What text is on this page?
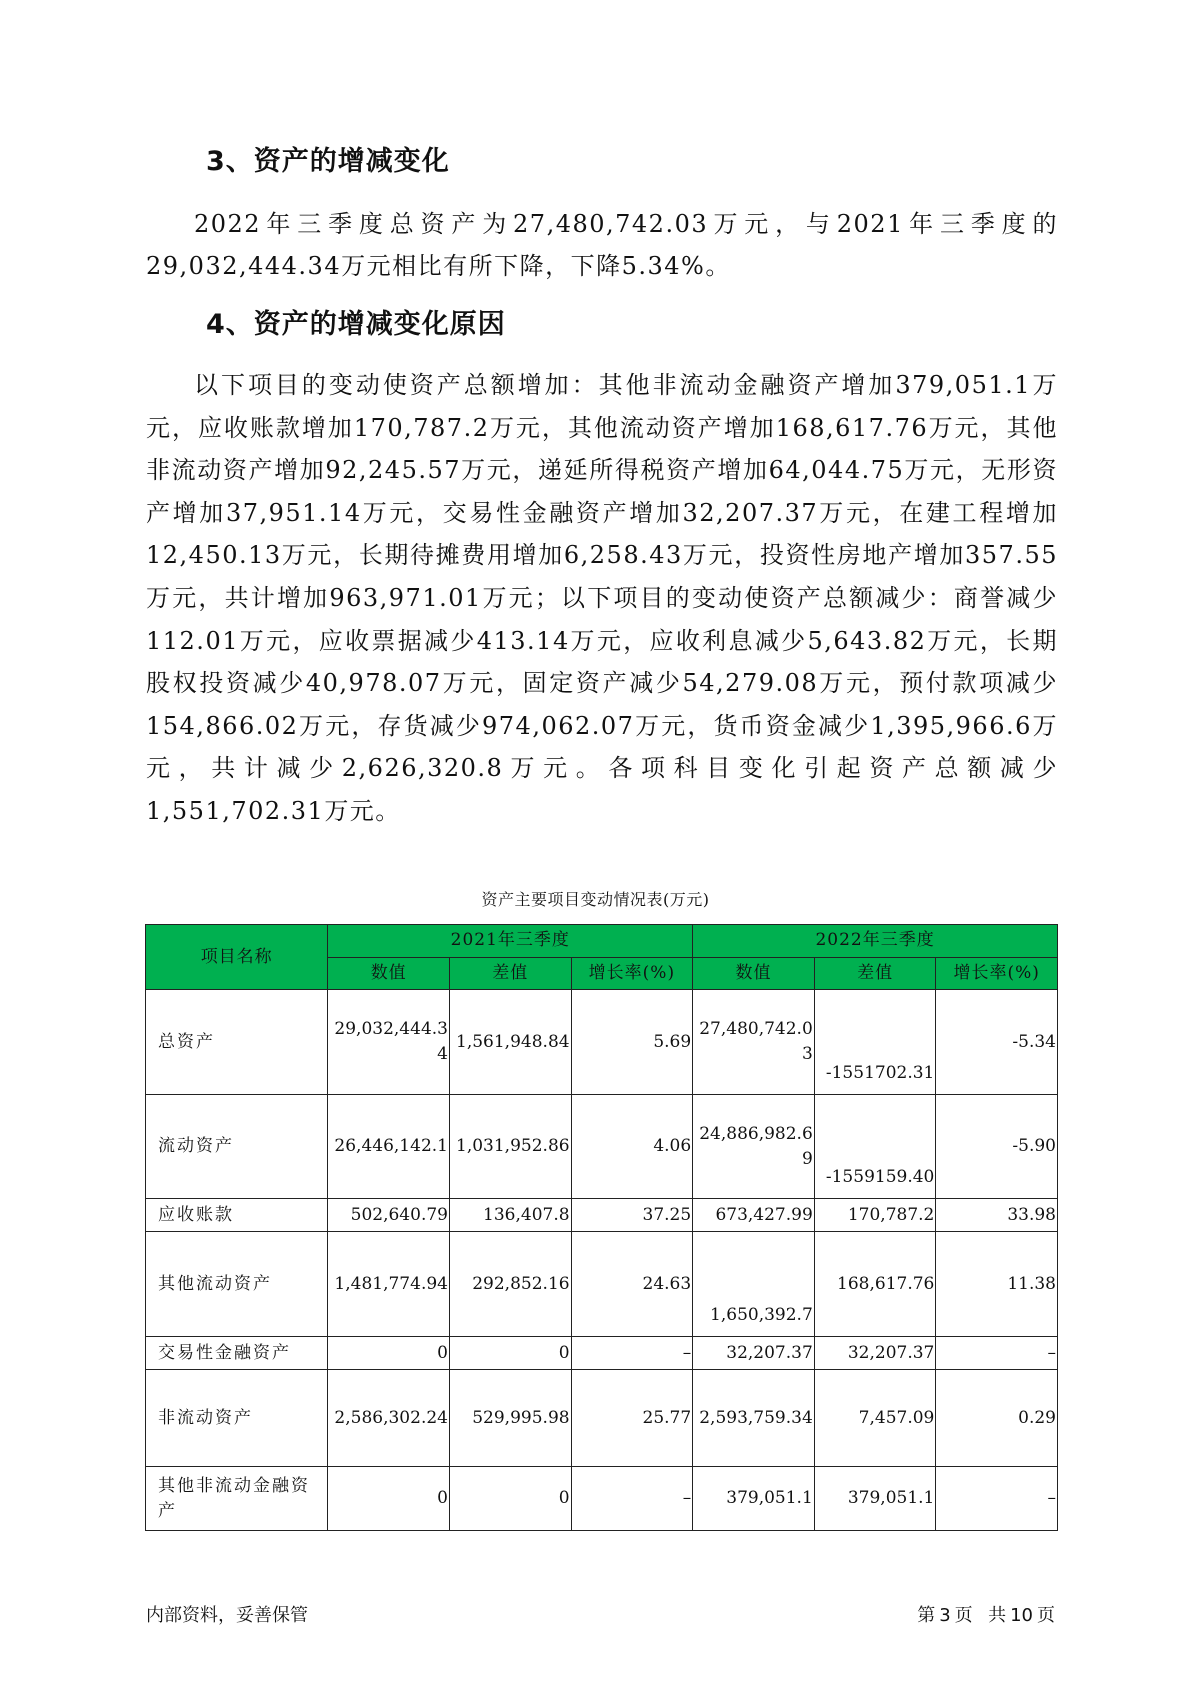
3、资产的增减变化

2022年三季度总资产为27,480,742.03万元，与2021年三季度的29,032,444.34万元相比有所下降，下降5.34%。

4、资产的增减变化原因

以下项目的变动使资产总额增加：其他非流动金融资产增加379,051.1万元，应收账款增加170,787.2万元，其他流动资产增加168,617.76万元，其他非流动资产增加92,245.57万元，递延所得税资产增加64,044.75万元，无形资产增加37,951.14万元，交易性金融资产增加32,207.37万元，在建工程增加12,450.13万元，长期待摊费用增加6,258.43万元，投资性房地产增加357.55万元，共计增加963,971.01万元；以下项目的变动使资产总额减少：商誉减少112.01万元，应收票据减少413.14万元，应收利息减少5,643.82万元，长期股权投资减少40,978.07万元，固定资产减少54,279.08万元，预付款项减少154,866.02万元，存货减少974,062.07万元，货币资金减少1,395,966.6万元，共计减少2,626,320.8万元。各项科目变化引起资产总额减少1,551,702.31万元。

资产主要项目变动情况表(万元)
项目名称	2021年三季度			2022年三季度		
	数值	差值	增长率(%)	数值	差值	增长率(%)
总资产	29,032,444.34	1,561,948.84	5.69	27,480,742.03	-1551702.31	-5.34
流动资产	26,446,142.1	1,031,952.86	4.06	24,886,982.69	-1559159.40	-5.90
应收账款	502,640.79	136,407.8	37.25	673,427.99	170,787.2	33.98
其他流动资产	1,481,774.94	292,852.16	24.63	1,650,392.7	168,617.76	11.38
交易性金融资产	0	0	–	32,207.37	32,207.37	–
非流动资产	2,586,302.24	529,995.98	25.77	2,593,759.34	7,457.09	0.29
其他非流动金融资产	0	0	–	379,051.1	379,051.1	–
内部资料，妥善保管	第 3 页 共 10 页
